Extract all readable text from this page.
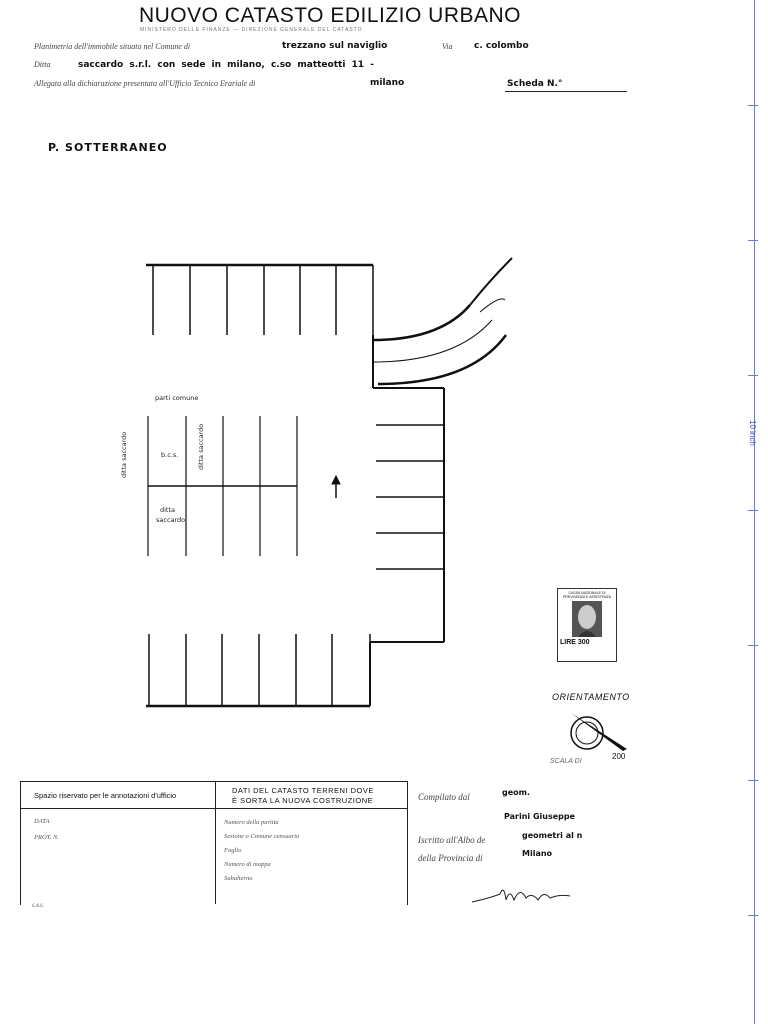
NUOVO CATASTO EDILIZIO URBANO
MINISTERO DELLE FINANZE — DIREZIONE GENERALE DEL CATASTO
Planimetria dell'immobile situato nel Comune di	trezzano sul naviglio	Via c. colombo
Ditta	saccardo s.r.l. con sede in milano, c.so matteotti 11 -
Allegata alla dichiarazione presentata all'Ufficio Tecnico Erariale di	milano	Scheda N.°
P. SOTTERRANEO
parti comune
ditta saccardo	b.c.s.	ditta saccardo
ditta
saccardo
CASSA NAZIONALE DI PREVIDENZA E ASSISTENZA
LIRE 300
ORIENTAMENTO
SCALA DI
200
Spazio riservato per le annotazioni d'ufficio
DATI DEL CATASTO TERRENI DOVE
È SORTA LA NUOVA COSTRUZIONE
DATA
PROT. N.
Numero della partita
Sezione o Comune censuario
Foglio
Numero di mappa
Subalterno
6.A.S.
Compilato dal	geom.
Parini Giuseppe
Iscritto all'Albo de	geometri al n
della Provincia di	Milano
10 inch
